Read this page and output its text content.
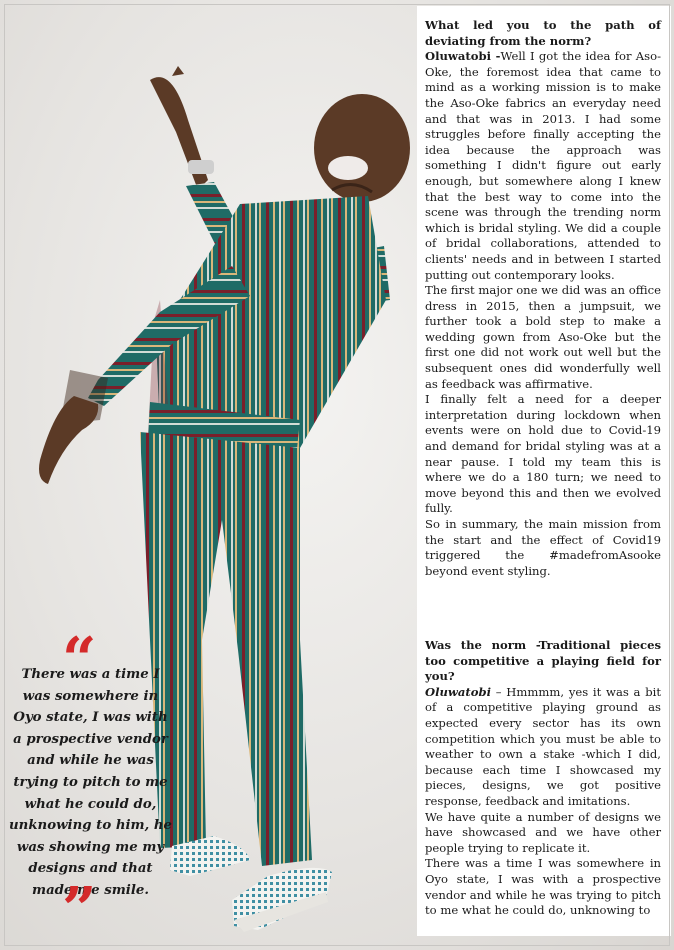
“
There was a time I was somewhere in Oyo state, I was with a prospective vendor and while he was trying to pitch to me what he could do, unknowing to him, he was showing me my designs and that made me smile.
”

What led you to the path of deviating from the norm?

Oluwatobi -Well I got the idea for Aso-Oke, the foremost idea that came to mind as a working mission is to make the Aso-Oke fabrics an everyday need and that was in 2013. I had some struggles before finally accepting the idea because the approach was something I didn't figure out early enough, but somewhere along I knew that the best way to come into the scene was through the trending norm which is bridal styling. We did a couple of bridal collaborations, attended to clients' needs and in between I started putting out contemporary looks.

The first major one we did was an office dress in 2015, then a jumpsuit, we further took a bold step to make a wedding gown from Aso-Oke but the first one did not work out well but the subsequent ones did wonderfully well as feedback was affirmative.

I finally felt a need for a deeper interpretation during lockdown when events were on hold due to Covid-19 and demand for bridal styling was at a near pause. I told my team this is where we do a 180 turn; we need to move beyond this and then we evolved fully.

So in summary, the main mission from the start and the effect of Covid19 triggered the #madefromAsooke beyond event styling.

Was the norm -Traditional pieces too competitive a playing field for you?

Oluwatobi – Hmmmm, yes it was a bit of a competitive playing ground as expected every sector has its own competition which you must be able to weather to own a stake -which I did, because each time I showcased my pieces, designs, we got positive response, feedback and imitations.

We have quite a number of designs we have showcased and we have other people trying to replicate it.

There was a time I was somewhere in Oyo state, I was with a prospective vendor and while he was trying to pitch to me what he could do, unknowing to
